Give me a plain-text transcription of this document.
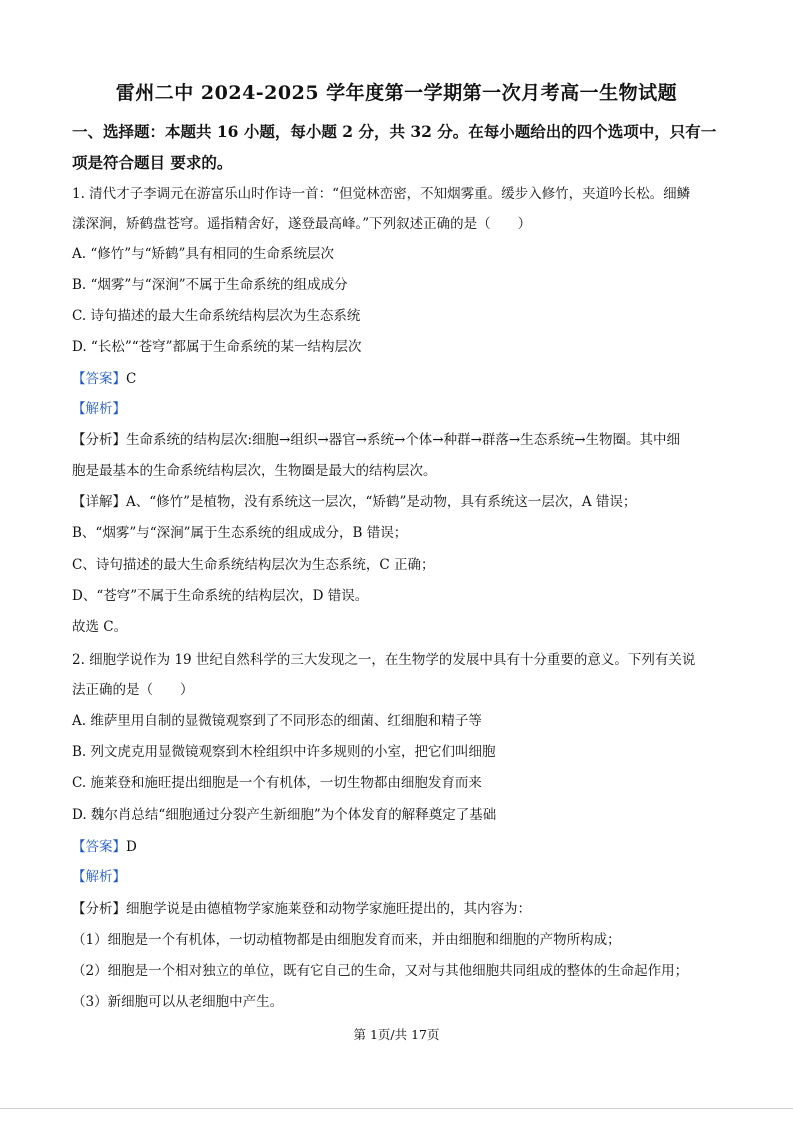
雷州二中 2024-2025 学年度第一学期第一次月考高一生物试题
一、选择题：本题共 16 小题，每小题 2 分，共 32 分。在每小题给出的四个选项中，只有一项是符合题目 要求的。
1. 清代才子李调元在游富乐山时作诗一首：“但觉林峦密，不知烟雾重。缓步入修竹，夹道吟长松。细鳞
漾深涧，矫鹤盘苍穹。遥指精舍好，遂登最高峰。”下列叙述正确的是（　　）
A. “修竹”与“矫鹤”具有相同的生命系统层次
B. “烟雾”与“深涧”不属于生命系统的组成成分
C. 诗句描述的最大生命系统结构层次为生态系统
D. “长松”“苍穹”都属于生命系统的某一结构层次
【答案】C
【解析】
【分析】生命系统的结构层次:细胞→组织→器官→系统→个体→种群→群落→生态系统→生物圈。其中细
胞是最基本的生命系统结构层次，生物圈是最大的结构层次。
【详解】A、“修竹”是植物，没有系统这一层次，“矫鹤”是动物，具有系统这一层次，A 错误；
B、“烟雾”与“深涧”属于生态系统的组成成分，B 错误；
C、诗句描述的最大生命系统结构层次为生态系统，C 正确；
D、“苍穹”不属于生命系统的结构层次，D 错误。
故选 C。
2. 细胞学说作为 19 世纪自然科学的三大发现之一，在生物学的发展中具有十分重要的意义。下列有关说
法正确的是（　　）
A. 维萨里用自制的显微镜观察到了不同形态的细菌、红细胞和精子等
B. 列文虎克用显微镜观察到木栓组织中许多规则的小室，把它们叫细胞
C. 施莱登和施旺提出细胞是一个有机体，一切生物都由细胞发育而来
D. 魏尔肖总结“细胞通过分裂产生新细胞”为个体发育的解释奠定了基础
【答案】D
【解析】
【分析】细胞学说是由德植物学家施莱登和动物学家施旺提出的，其内容为：
（1）细胞是一个有机体，一切动植物都是由细胞发育而来，并由细胞和细胞的产物所构成；
（2）细胞是一个相对独立的单位，既有它自己的生命，又对与其他细胞共同组成的整体的生命起作用；
（3）新细胞可以从老细胞中产生。
第 1页/共 17页
